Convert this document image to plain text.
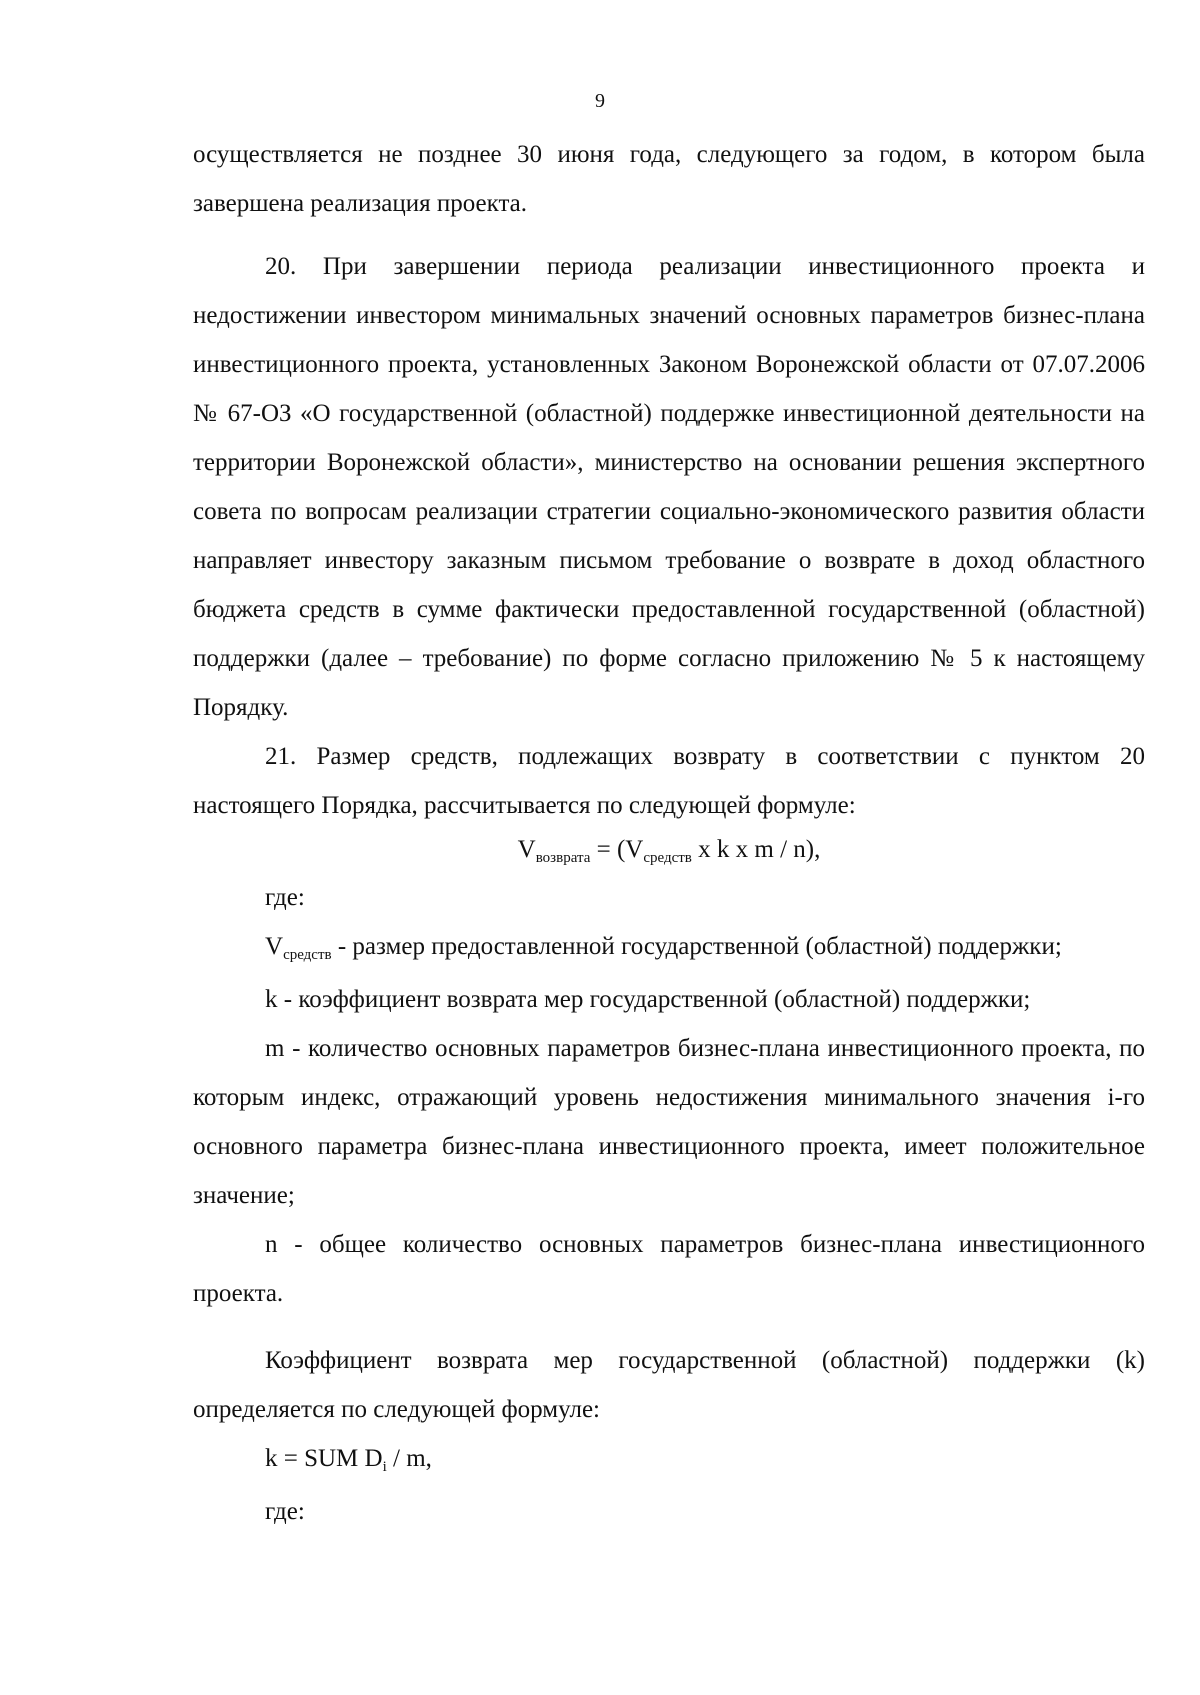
9

осуществляется не позднее 30 июня года, следующего за годом, в котором была завершена реализация проекта.

20. При завершении периода реализации инвестиционного проекта и недостижении инвестором минимальных значений основных параметров бизнес-плана инвестиционного проекта, установленных Законом Воронежской области от 07.07.2006 № 67-ОЗ «О государственной (областной) поддержке инвестиционной деятельности на территории Воронежской области», министерство на основании решения экспертного совета по вопросам реализации стратегии социально-экономического развития области направляет инвестору заказным письмом требование о возврате в доход областного бюджета средств в сумме фактически предоставленной государственной (областной) поддержки (далее – требование) по форме согласно приложению № 5 к настоящему Порядку.

21. Размер средств, подлежащих возврату в соответствии с пунктом 20 настоящего Порядка, рассчитывается по следующей формуле:

$V_{возврата} = (V_{средств}$ x k x m / n),

где:

$V_{средств}$ - размер предоставленной государственной (областной) поддержки;

k - коэффициент возврата мер государственной (областной) поддержки;

m - количество основных параметров бизнес-плана инвестиционного проекта, по которым индекс, отражающий уровень недостижения минимального значения i-го основного параметра бизнес-плана инвестиционного проекта, имеет положительное значение;

n - общее количество основных параметров бизнес-плана инвестиционного проекта.

Коэффициент возврата мер государственной (областной) поддержки (k) определяется по следующей формуле:

k = SUM $D_i$ / m,

где:
